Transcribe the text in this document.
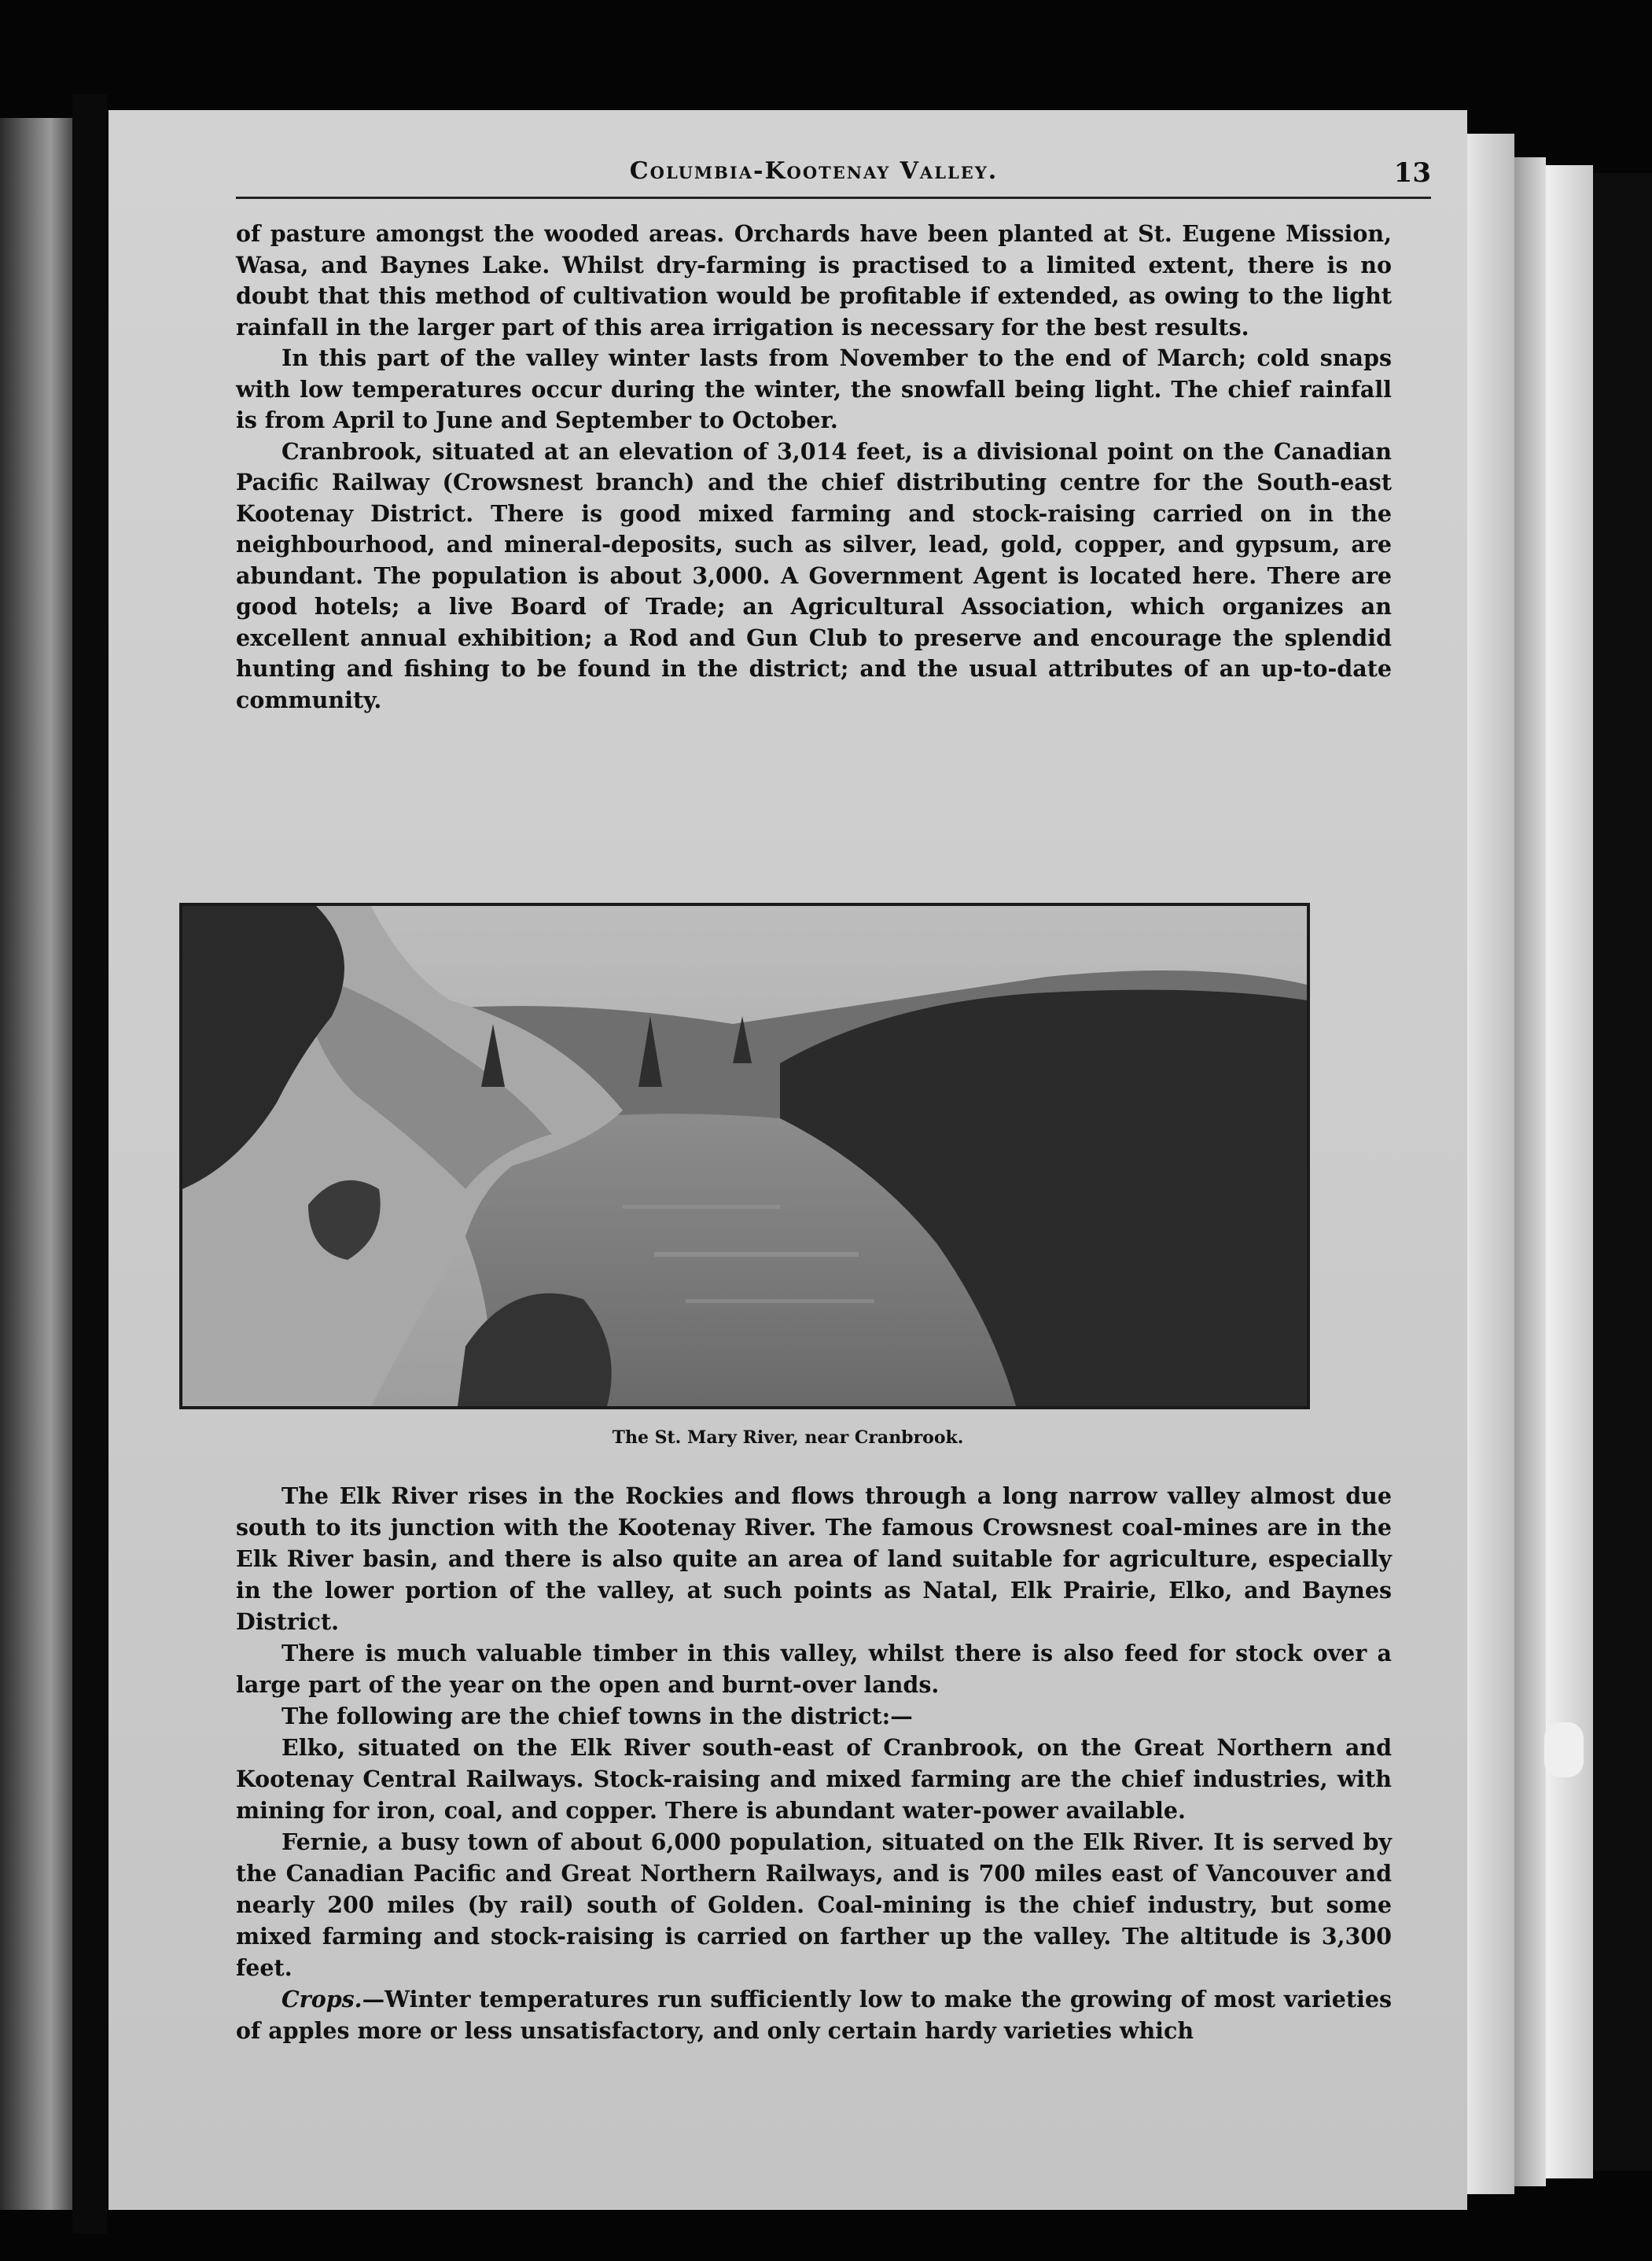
Columbia-Kootenay Valley.	13

of pasture amongst the wooded areas. Orchards have been planted at St. Eugene Mission, Wasa, and Baynes Lake. Whilst dry-farming is practised to a limited extent, there is no doubt that this method of cultivation would be profitable if extended, as owing to the light rainfall in the larger part of this area irrigation is necessary for the best results.

In this part of the valley winter lasts from November to the end of March; cold snaps with low temperatures occur during the winter, the snowfall being light. The chief rainfall is from April to June and September to October.

Cranbrook, situated at an elevation of 3,014 feet, is a divisional point on the Canadian Pacific Railway (Crowsnest branch) and the chief distributing centre for the South-east Kootenay District. There is good mixed farming and stock-raising carried on in the neighbourhood, and mineral-deposits, such as silver, lead, gold, copper, and gypsum, are abundant. The population is about 3,000. A Government Agent is located here. There are good hotels; a live Board of Trade; an Agricultural Association, which organizes an excellent annual exhibition; a Rod and Gun Club to preserve and encourage the splendid hunting and fishing to be found in the district; and the usual attributes of an up-to-date community.

The St. Mary River, near Cranbrook.

The Elk River rises in the Rockies and flows through a long narrow valley almost due south to its junction with the Kootenay River. The famous Crowsnest coal-mines are in the Elk River basin, and there is also quite an area of land suitable for agriculture, especially in the lower portion of the valley, at such points as Natal, Elk Prairie, Elko, and Baynes District.

There is much valuable timber in this valley, whilst there is also feed for stock over a large part of the year on the open and burnt-over lands.

The following are the chief towns in the district:—

Elko, situated on the Elk River south-east of Cranbrook, on the Great Northern and Kootenay Central Railways. Stock-raising and mixed farming are the chief industries, with mining for iron, coal, and copper. There is abundant water-power available.

Fernie, a busy town of about 6,000 population, situated on the Elk River. It is served by the Canadian Pacific and Great Northern Railways, and is 700 miles east of Vancouver and nearly 200 miles (by rail) south of Golden. Coal-mining is the chief industry, but some mixed farming and stock-raising is carried on farther up the valley. The altitude is 3,300 feet.

Crops.—Winter temperatures run sufficiently low to make the growing of most varieties of apples more or less unsatisfactory, and only certain hardy varieties which
